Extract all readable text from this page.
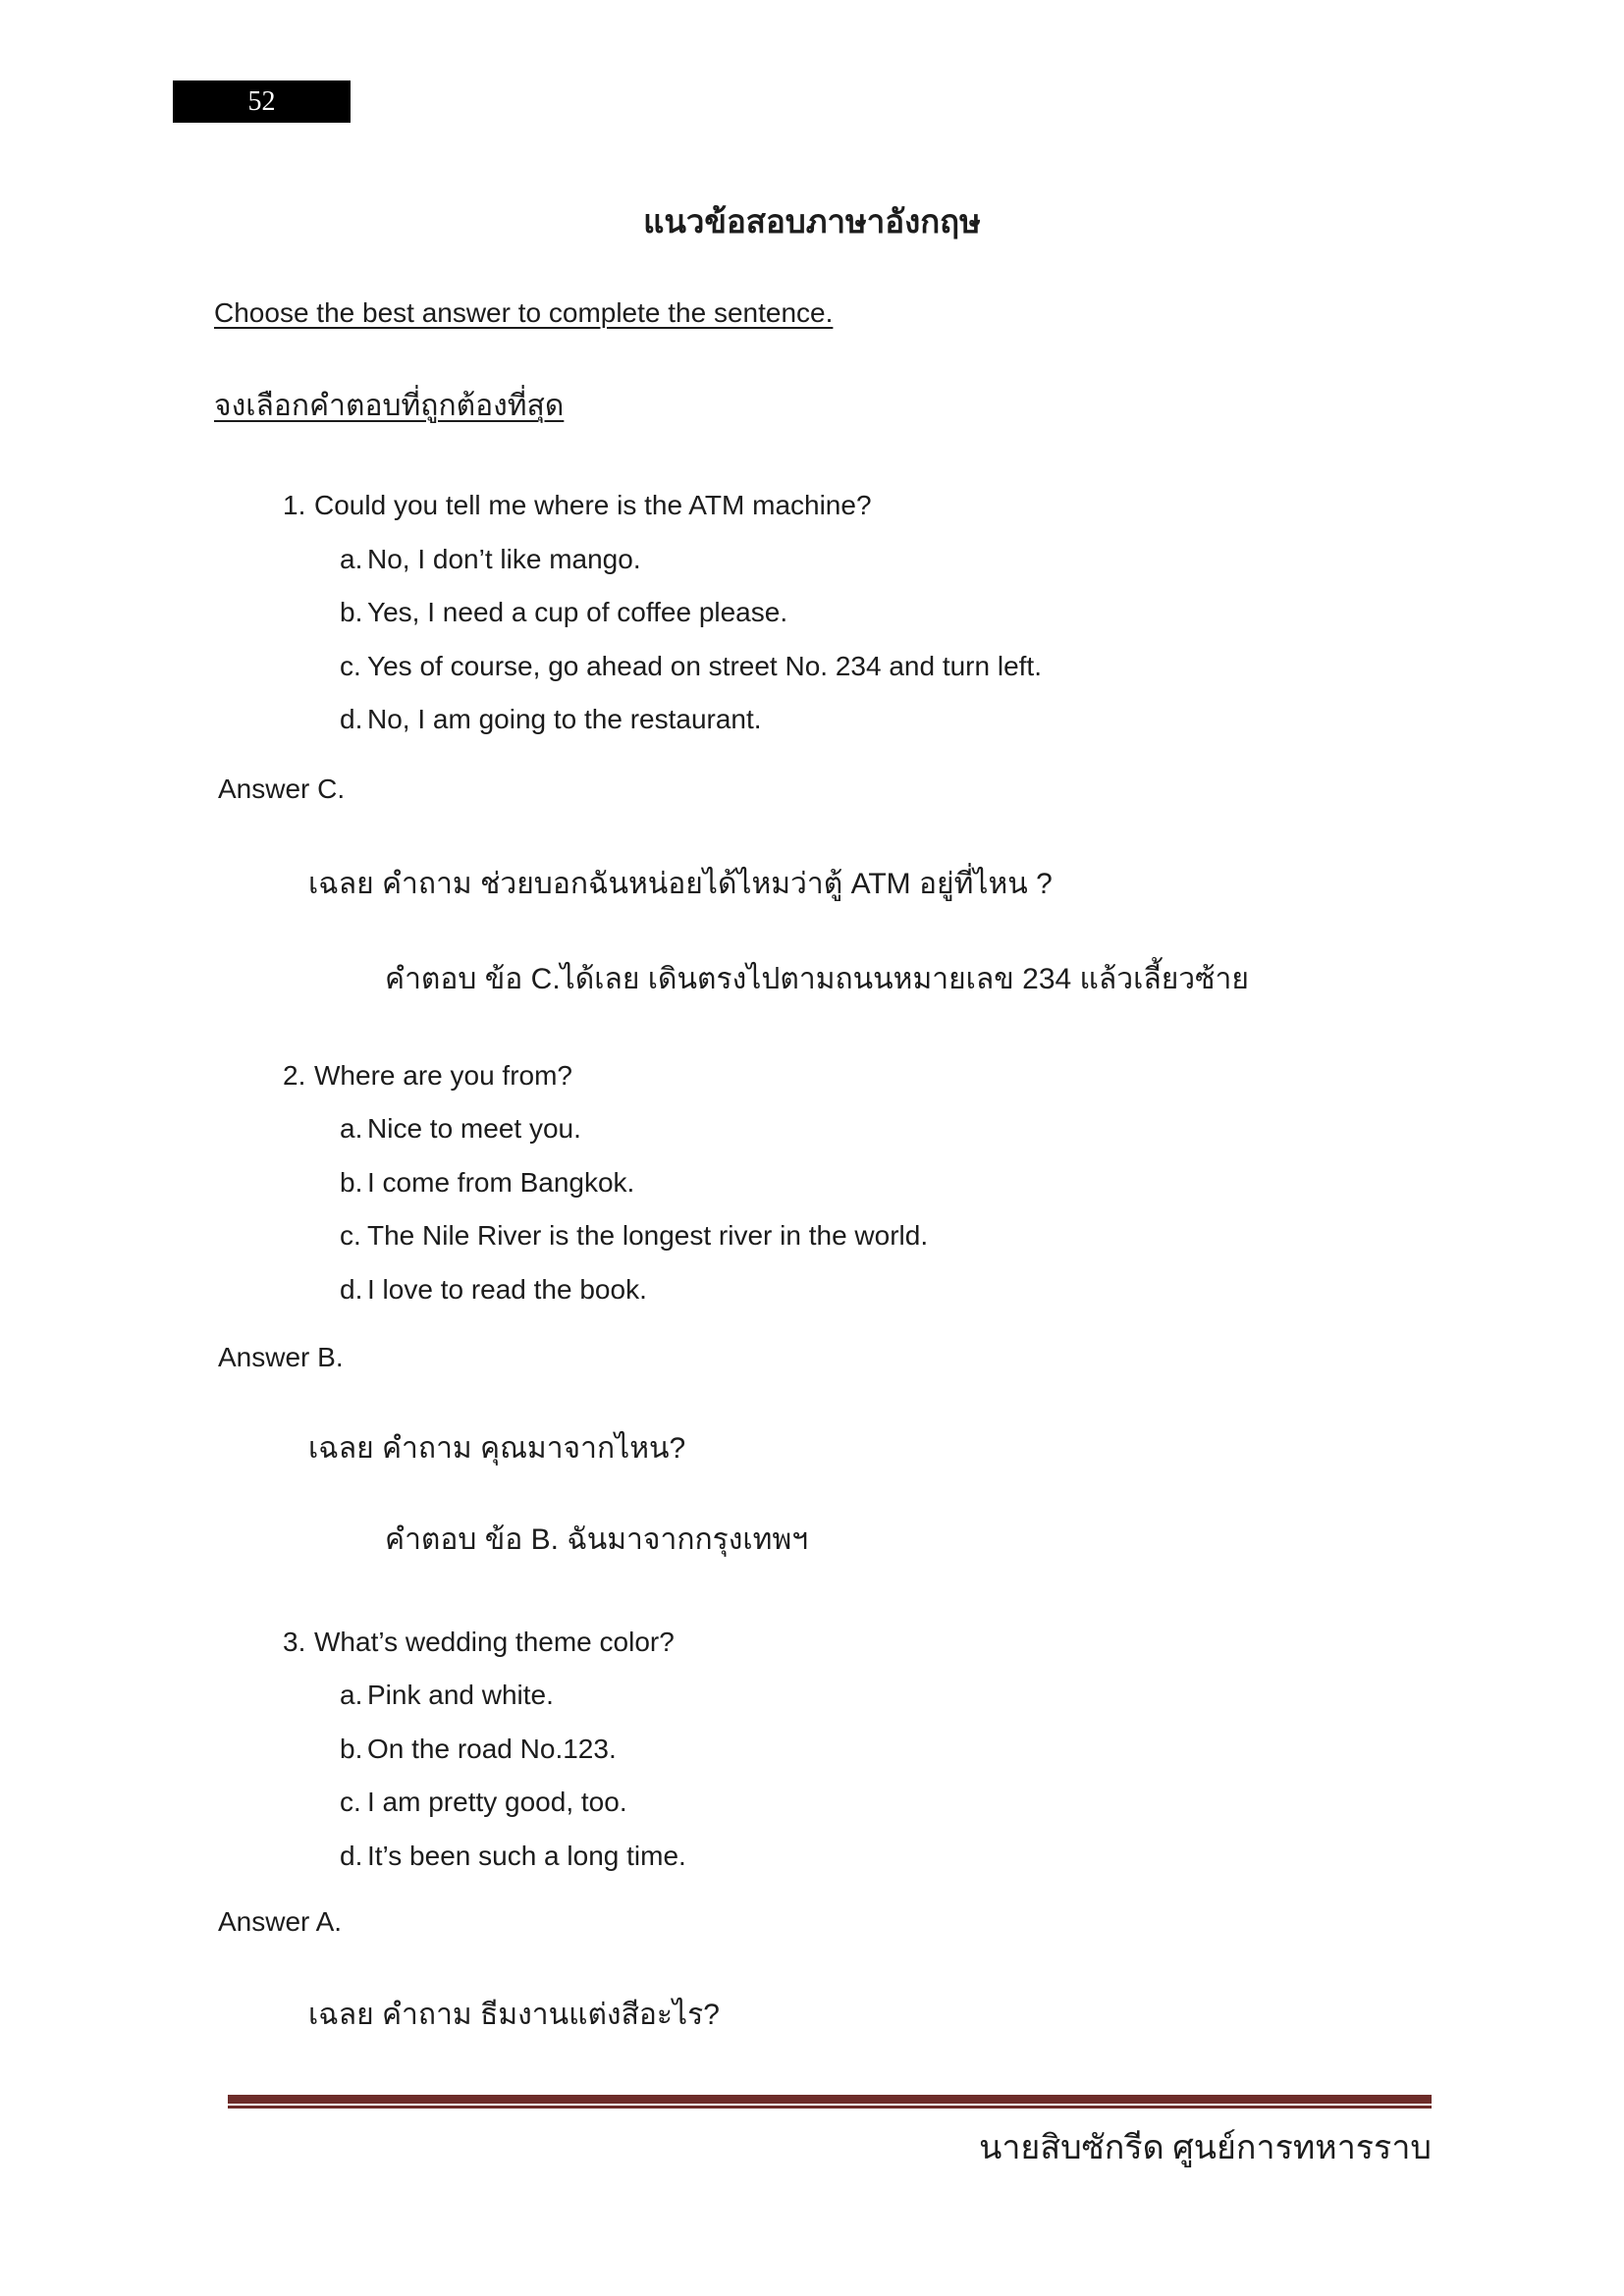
52
แนวข้อสอบภาษาอังกฤษ
Choose the best answer to complete the sentence.
จงเลือกคำตอบที่ถูกต้องที่สุด
1. Could you tell me where is the ATM machine?
a. No, I don’t like mango.
b. Yes, I need a cup of coffee please.
c. Yes of course, go ahead on street No. 234 and turn left.
d. No, I am going to the restaurant.
Answer C.
เฉลย คำถาม ช่วยบอกฉันหน่อยได้ไหมว่าตู้ ATM อยู่ที่ไหน ?
คำตอบ ข้อ C.ได้เลย เดินตรงไปตามถนนหมายเลข 234 แล้วเลี้ยวซ้าย
2. Where are you from?
a. Nice to meet you.
b. I come from Bangkok.
c. The Nile River is the longest river in the world.
d. I love to read the book.
Answer B.
เฉลย คำถาม คุณมาจากไหน?
คำตอบ ข้อ B. ฉันมาจากกรุงเทพฯ
3. What’s wedding theme color?
a. Pink and white.
b. On the road No.123.
c. I am pretty good, too.
d. It’s been such a long time.
Answer A.
เฉลย คำถาม ธีมงานแต่งสีอะไร?
นายสิบซักรีด ศูนย์การทหารราบ
